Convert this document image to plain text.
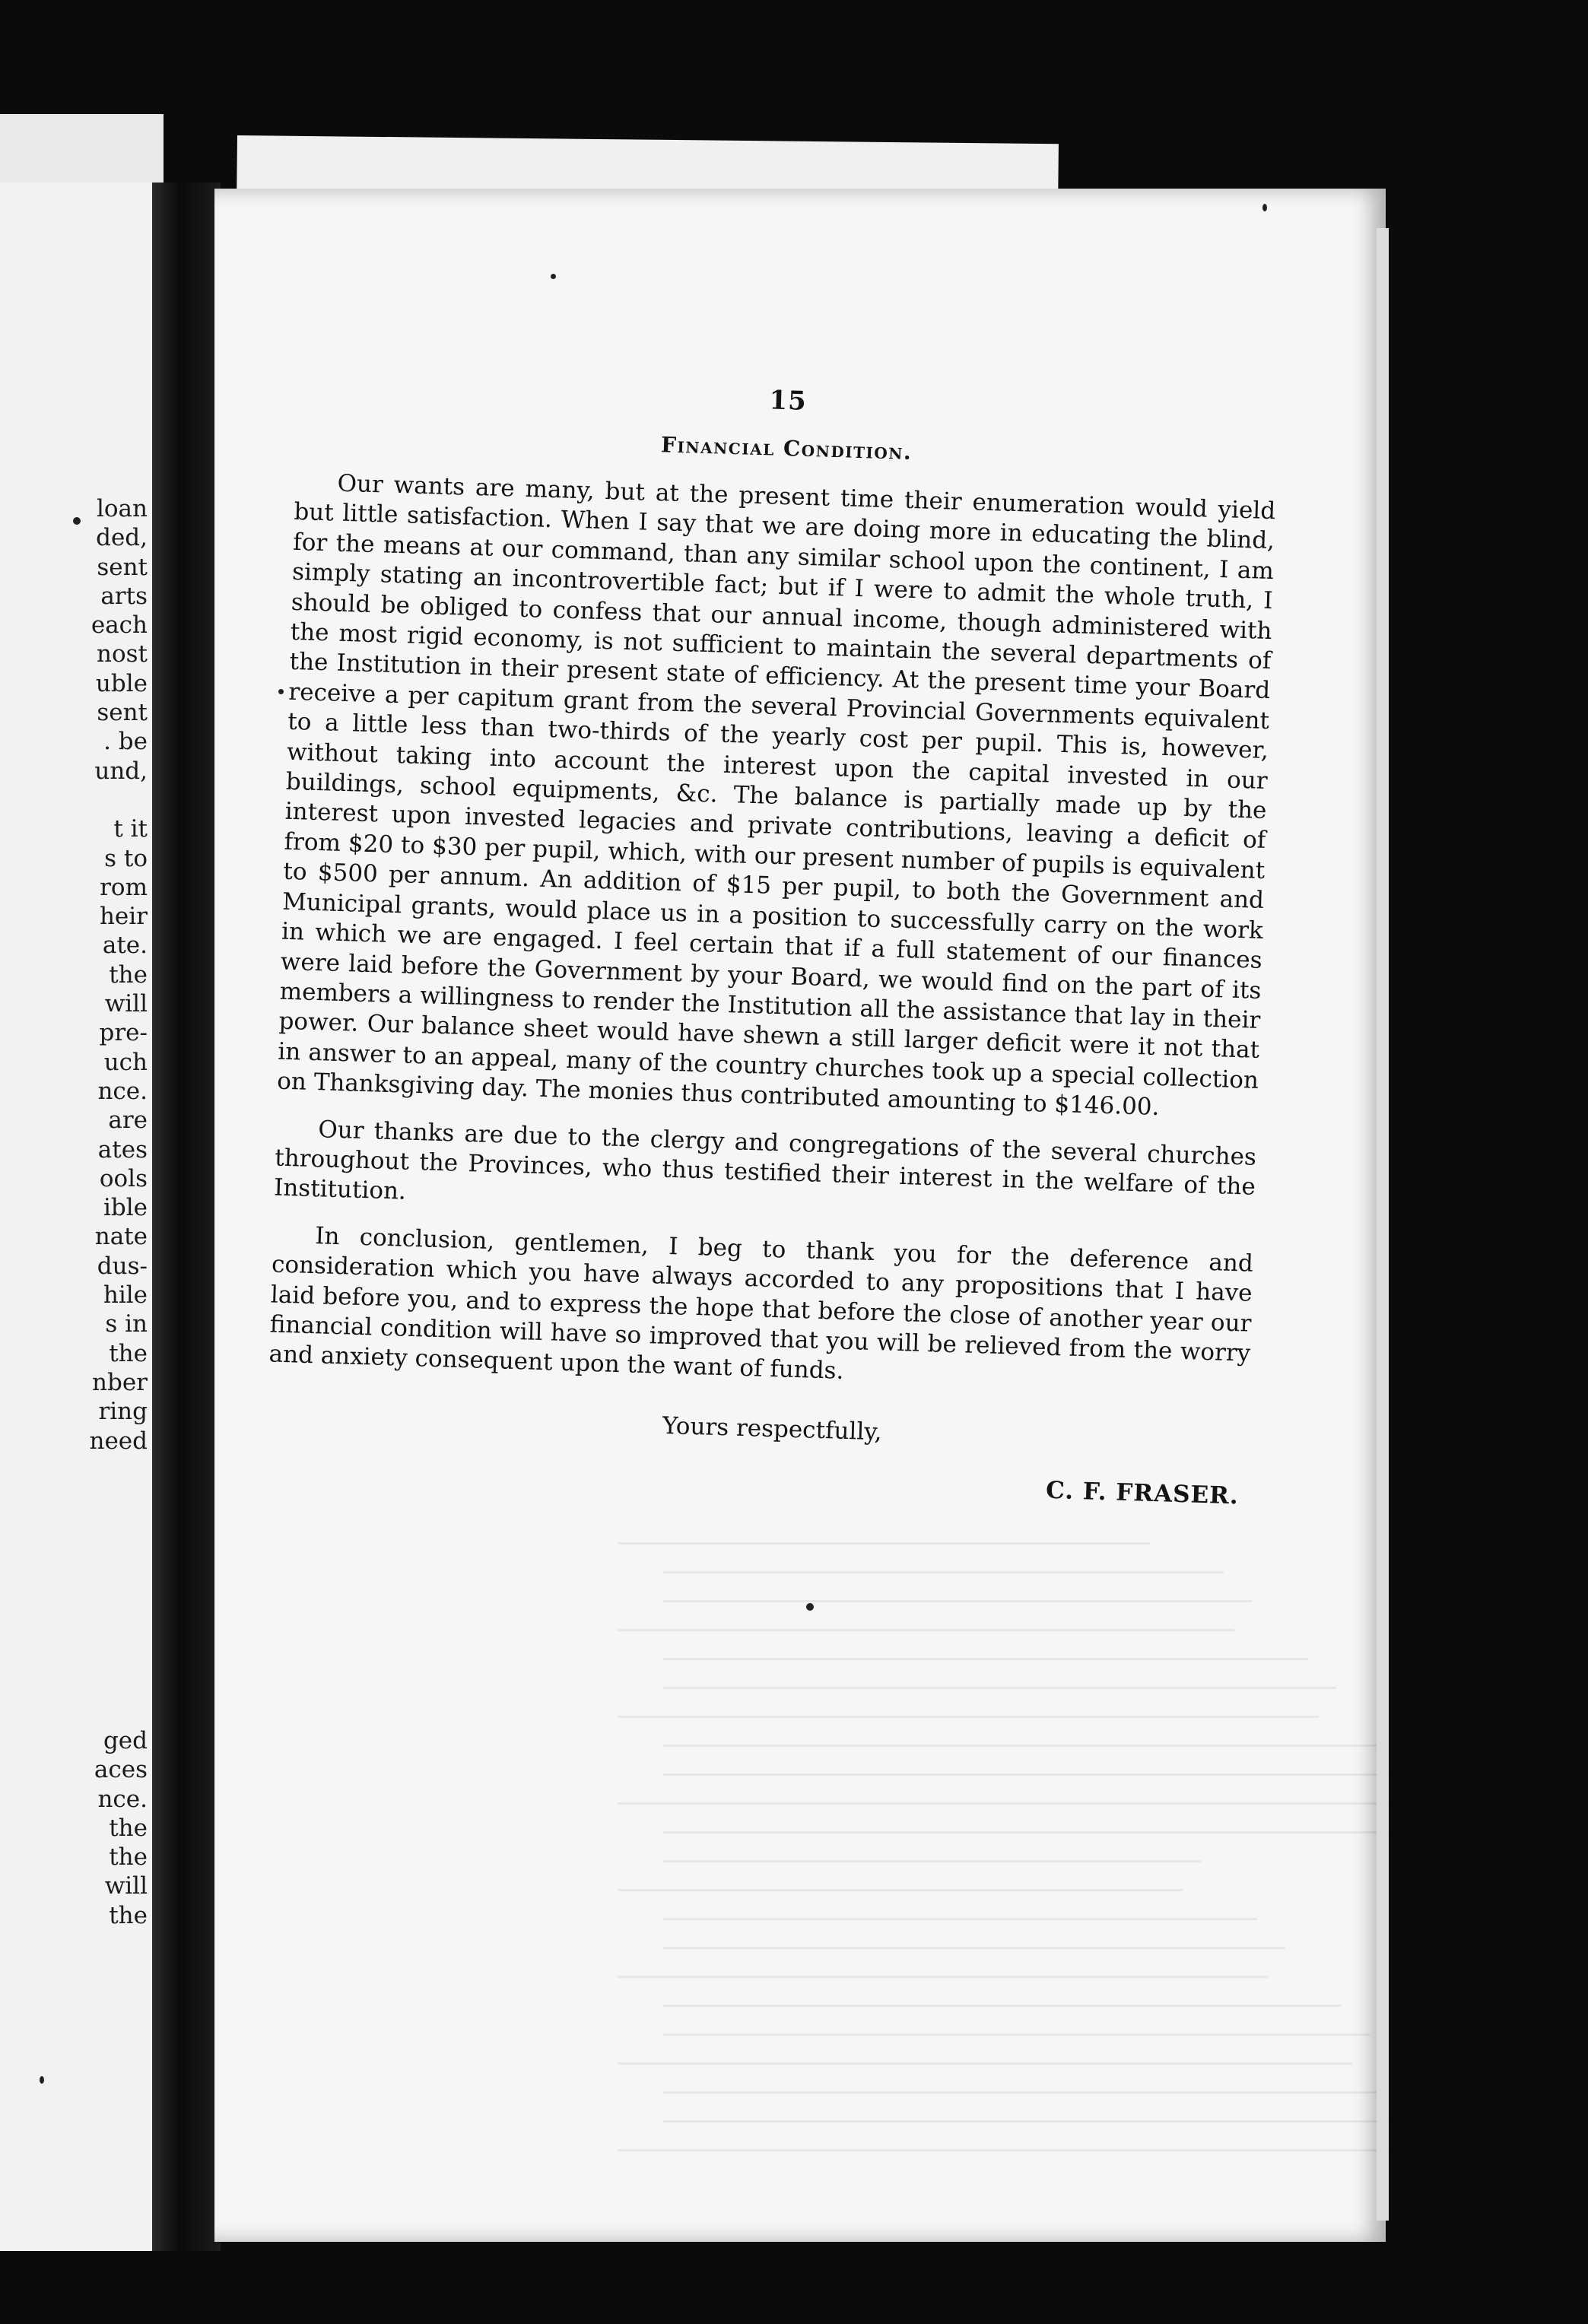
loan
ded,
sent
arts
each
nost
uble
sent
. be
und,

t it
s to
rom
heir
ate.
the
will
pre-
uch
nce.
are
ates
ools
ible
nate
dus-
hile
s in
the
nber
ring
need
ged
aces
nce.
the
the
will
the
15
Financial Condition.

Our wants are many, but at the present time their enumeration would yield but little satisfaction. When I say that we are doing more in educating the blind, for the means at our command, than any similar school upon the continent, I am simply stating an incontrovertible fact; but if I were to admit the whole truth, I should be obliged to confess that our annual income, though administered with the most rigid economy, is not sufficient to maintain the several departments of the Institution in their present state of efficiency. At the present time your Board receive a per capitum grant from the several Provincial Governments equivalent to a little less than two-thirds of the yearly cost per pupil. This is, however, without taking into account the interest upon the capital invested in our buildings, school equipments, &c. The balance is partially made up by the interest upon invested legacies and private contributions, leaving a deficit of from $20 to $30 per pupil, which, with our present number of pupils is equivalent to $500 per annum. An addition of $15 per pupil, to both the Government and Municipal grants, would place us in a position to successfully carry on the work in which we are engaged. I feel certain that if a full statement of our finances were laid before the Government by your Board, we would find on the part of its members a willingness to render the Institution all the assistance that lay in their power. Our balance sheet would have shewn a still larger deficit were it not that in answer to an appeal, many of the country churches took up a special collection on Thanksgiving day. The monies thus contributed amounting to $146.00.

Our thanks are due to the clergy and congregations of the several churches throughout the Provinces, who thus testified their interest in the welfare of the Institution.

In conclusion, gentlemen, I beg to thank you for the deference and consideration which you have always accorded to any propositions that I have laid before you, and to express the hope that before the close of another year our financial condition will have so improved that you will be relieved from the worry and anxiety consequent upon the want of funds.

Yours respectfully,
C. F. FRASER.
